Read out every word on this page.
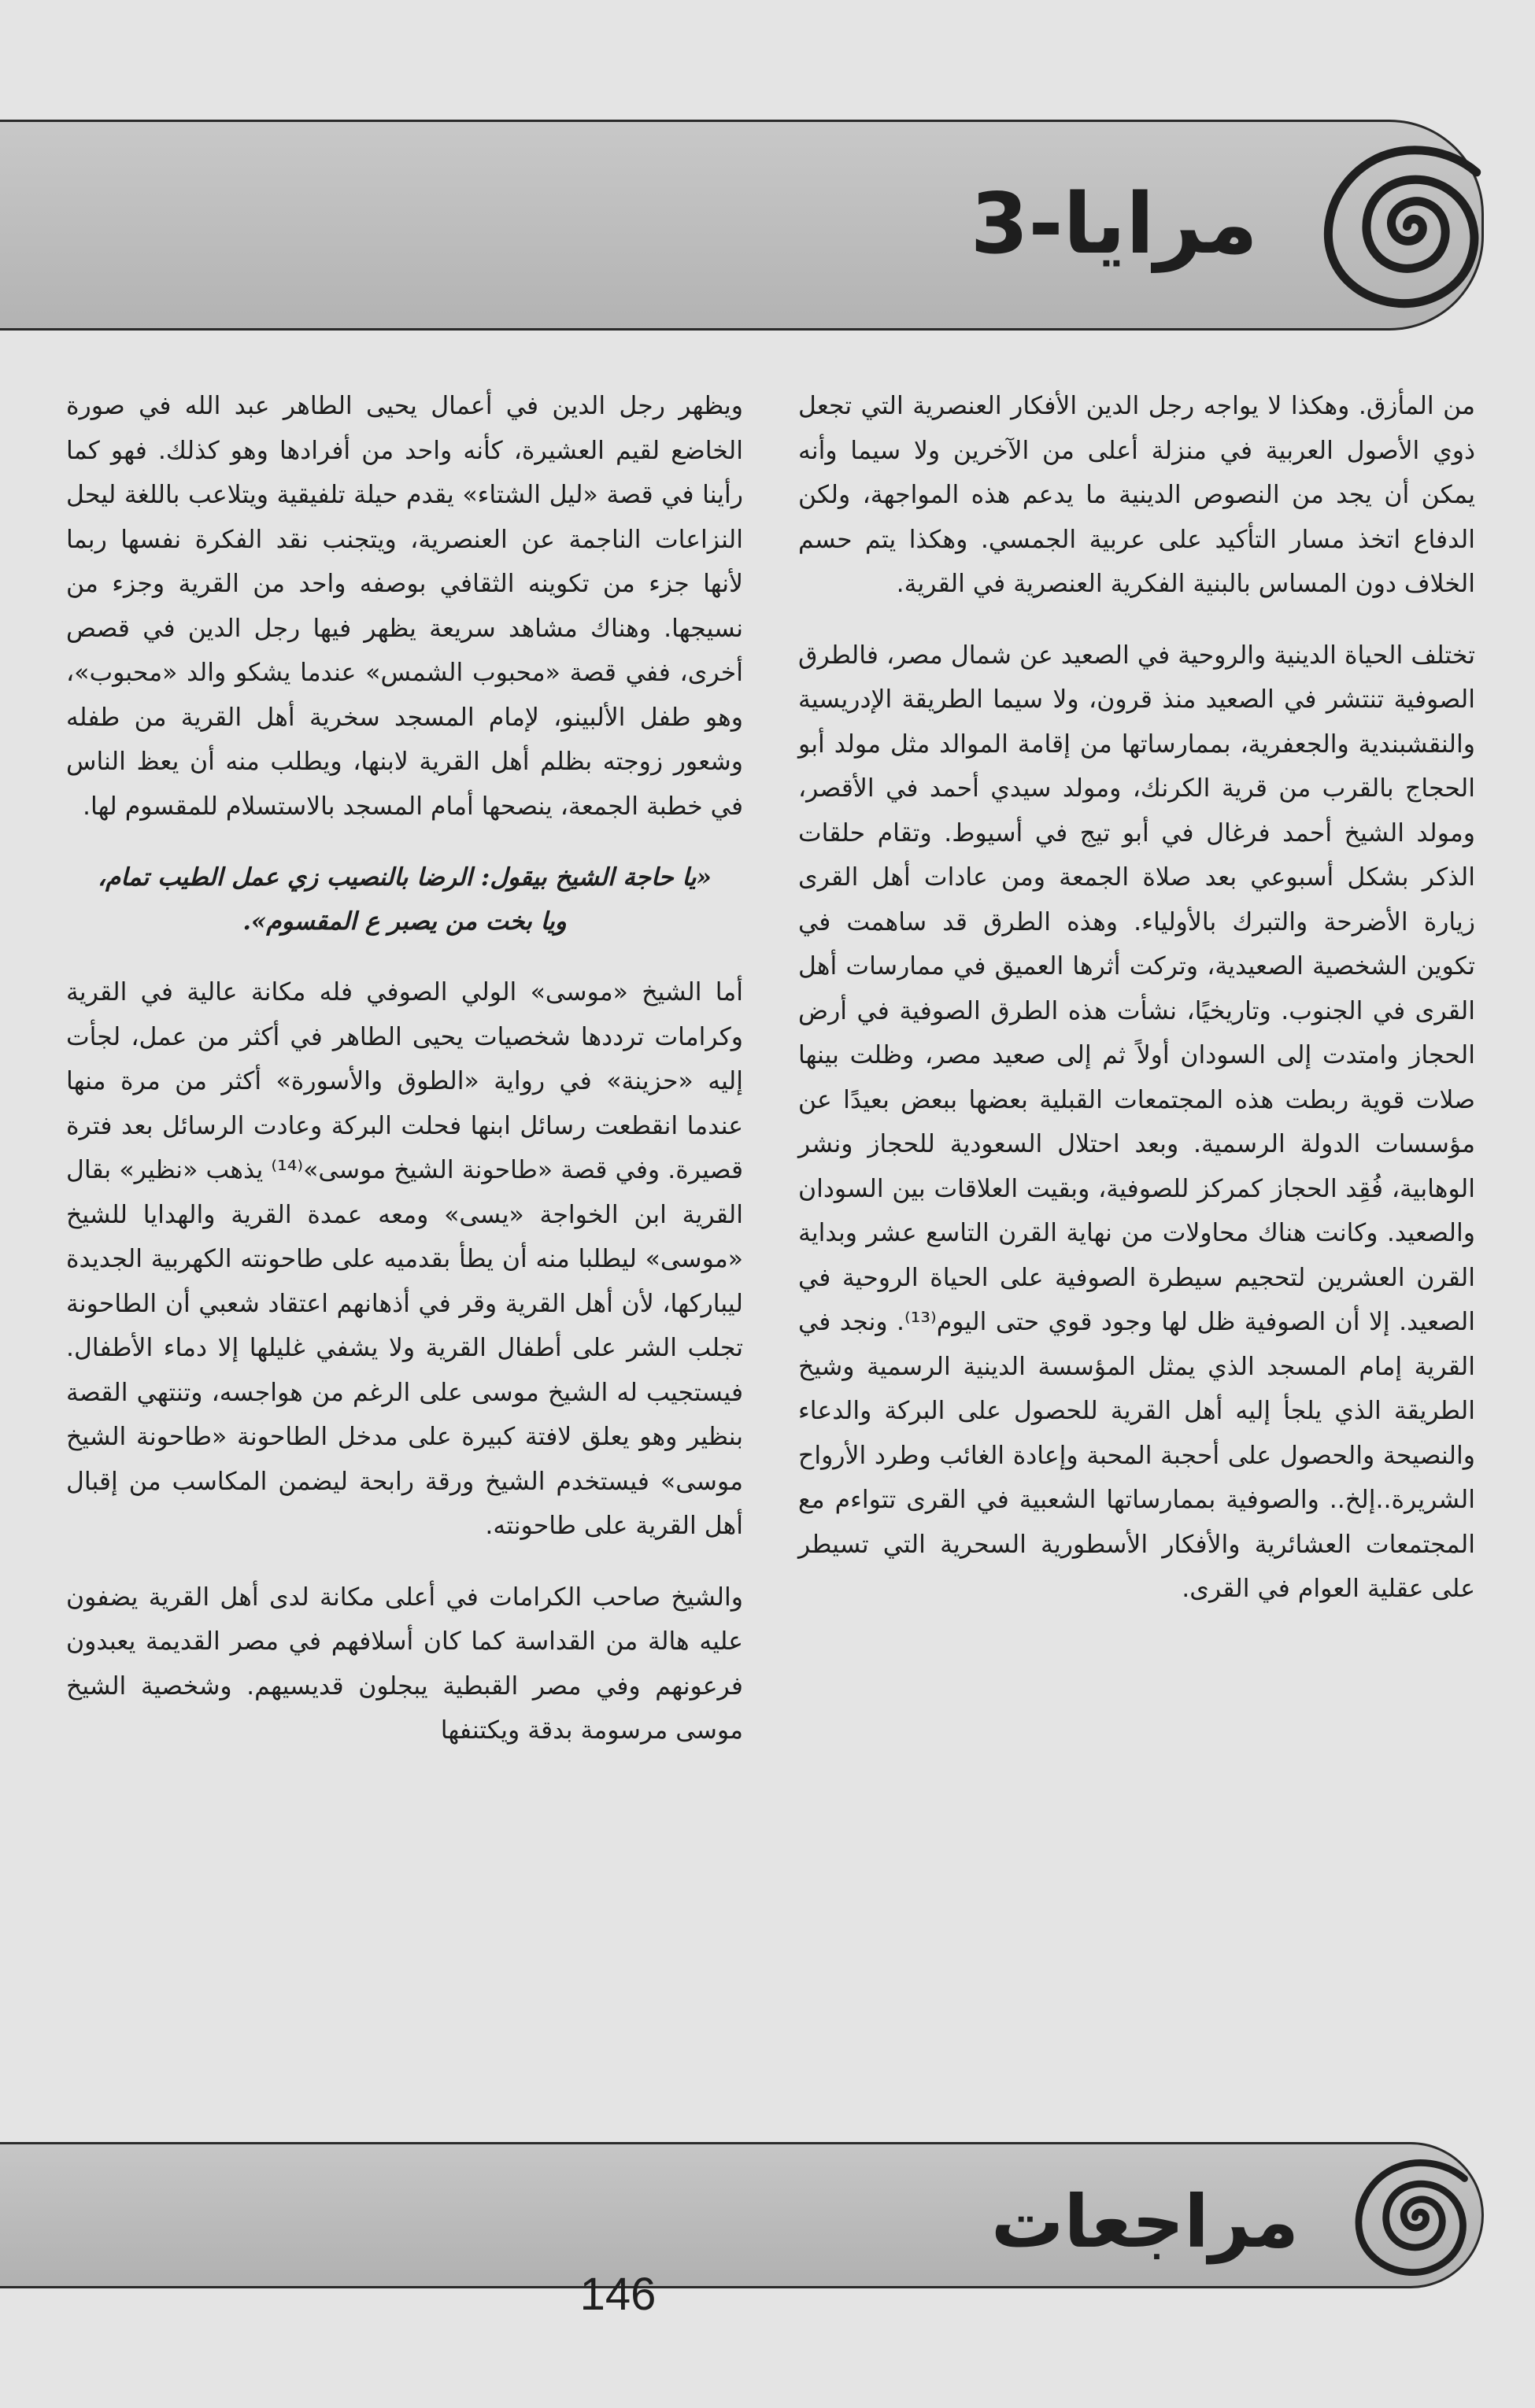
مرايا-3

من المأزق. وهكذا لا يواجه رجل الدين الأفكار العنصرية التي تجعل ذوي الأصول العربية في منزلة أعلى من الآخرين ولا سيما وأنه يمكن أن يجد من النصوص الدينية ما يدعم هذه المواجهة، ولكن الدفاع اتخذ مسار التأكيد على عربية الجمسي. وهكذا يتم حسم الخلاف دون المساس بالبنية الفكرية العنصرية في القرية.

تختلف الحياة الدينية والروحية في الصعيد عن شمال مصر، فالطرق الصوفية تنتشر في الصعيد منذ قرون، ولا سيما الطريقة الإدريسية والنقشبندية والجعفرية، بممارساتها من إقامة الموالد مثل مولد أبو الحجاج بالقرب من قرية الكرنك، ومولد سيدي أحمد في الأقصر، ومولد الشيخ أحمد فرغال في أبو تيج في أسيوط. وتقام حلقات الذكر بشكل أسبوعي بعد صلاة الجمعة ومن عادات أهل القرى زيارة الأضرحة والتبرك بالأولياء. وهذه الطرق قد ساهمت في تكوين الشخصية الصعيدية، وتركت أثرها العميق في ممارسات أهل القرى في الجنوب. وتاريخيًا، نشأت هذه الطرق الصوفية في أرض الحجاز وامتدت إلى السودان أولاً ثم إلى صعيد مصر، وظلت بينها صلات قوية ربطت هذه المجتمعات القبلية بعضها ببعض بعيدًا عن مؤسسات الدولة الرسمية. وبعد احتلال السعودية للحجاز ونشر الوهابية، فُقِد الحجاز كمركز للصوفية، وبقيت العلاقات بين السودان والصعيد. وكانت هناك محاولات من نهاية القرن التاسع عشر وبداية القرن العشرين لتحجيم سيطرة الصوفية على الحياة الروحية في الصعيد. إلا أن الصوفية ظل لها وجود قوي حتى اليوم⁽¹³⁾. ونجد في القرية إمام المسجد الذي يمثل المؤسسة الدينية الرسمية وشيخ الطريقة الذي يلجأ إليه أهل القرية للحصول على البركة والدعاء والنصيحة والحصول على أحجبة المحبة وإعادة الغائب وطرد الأرواح الشريرة..إلخ.. والصوفية بممارساتها الشعبية في القرى تتواءم مع المجتمعات العشائرية والأفكار الأسطورية السحرية التي تسيطر على عقلية العوام في القرى.

ويظهر رجل الدين في أعمال يحيى الطاهر عبد الله في صورة الخاضع لقيم العشيرة، كأنه واحد من أفرادها وهو كذلك. فهو كما رأينا في قصة «ليل الشتاء» يقدم حيلة تلفيقية ويتلاعب باللغة ليحل النزاعات الناجمة عن العنصرية، ويتجنب نقد الفكرة نفسها ربما لأنها جزء من تكوينه الثقافي بوصفه واحد من القرية وجزء من نسيجها. وهناك مشاهد سريعة يظهر فيها رجل الدين في قصص أخرى، ففي قصة «محبوب الشمس» عندما يشكو والد «محبوب»، وهو طفل الألبينو، لإمام المسجد سخرية أهل القرية من طفله وشعور زوجته بظلم أهل القرية لابنها، ويطلب منه أن يعظ الناس في خطبة الجمعة، ينصحها أمام المسجد بالاستسلام للمقسوم لها.

«يا حاجة الشيخ بيقول: الرضا بالنصيب زي عمل الطيب تمام، ويا بخت من يصبر ع المقسوم».

أما الشيخ «موسى» الولي الصوفي فله مكانة عالية في القرية وكرامات ترددها شخصيات يحيى الطاهر في أكثر من عمل، لجأت إليه «حزينة» في رواية «الطوق والأسورة» أكثر من مرة منها عندما انقطعت رسائل ابنها فحلت البركة وعادت الرسائل بعد فترة قصيرة. وفي قصة «طاحونة الشيخ موسى»⁽¹⁴⁾ يذهب «نظير» بقال القرية ابن الخواجة «يسى» ومعه عمدة القرية والهدايا للشيخ «موسى» ليطلبا منه أن يطأ بقدميه على طاحونته الكهربية الجديدة ليباركها، لأن أهل القرية وقر في أذهانهم اعتقاد شعبي أن الطاحونة تجلب الشر على أطفال القرية ولا يشفي غليلها إلا دماء الأطفال. فيستجيب له الشيخ موسى على الرغم من هواجسه، وتنتهي القصة بنظير وهو يعلق لافتة كبيرة على مدخل الطاحونة «طاحونة الشيخ موسى» فيستخدم الشيخ ورقة رابحة ليضمن المكاسب من إقبال أهل القرية على طاحونته.

والشيخ صاحب الكرامات في أعلى مكانة لدى أهل القرية يضفون عليه هالة من القداسة كما كان أسلافهم في مصر القديمة يعبدون فرعونهم وفي مصر القبطية يبجلون قديسيهم. وشخصية الشيخ موسى مرسومة بدقة ويكتنفها

مراجعات
146
